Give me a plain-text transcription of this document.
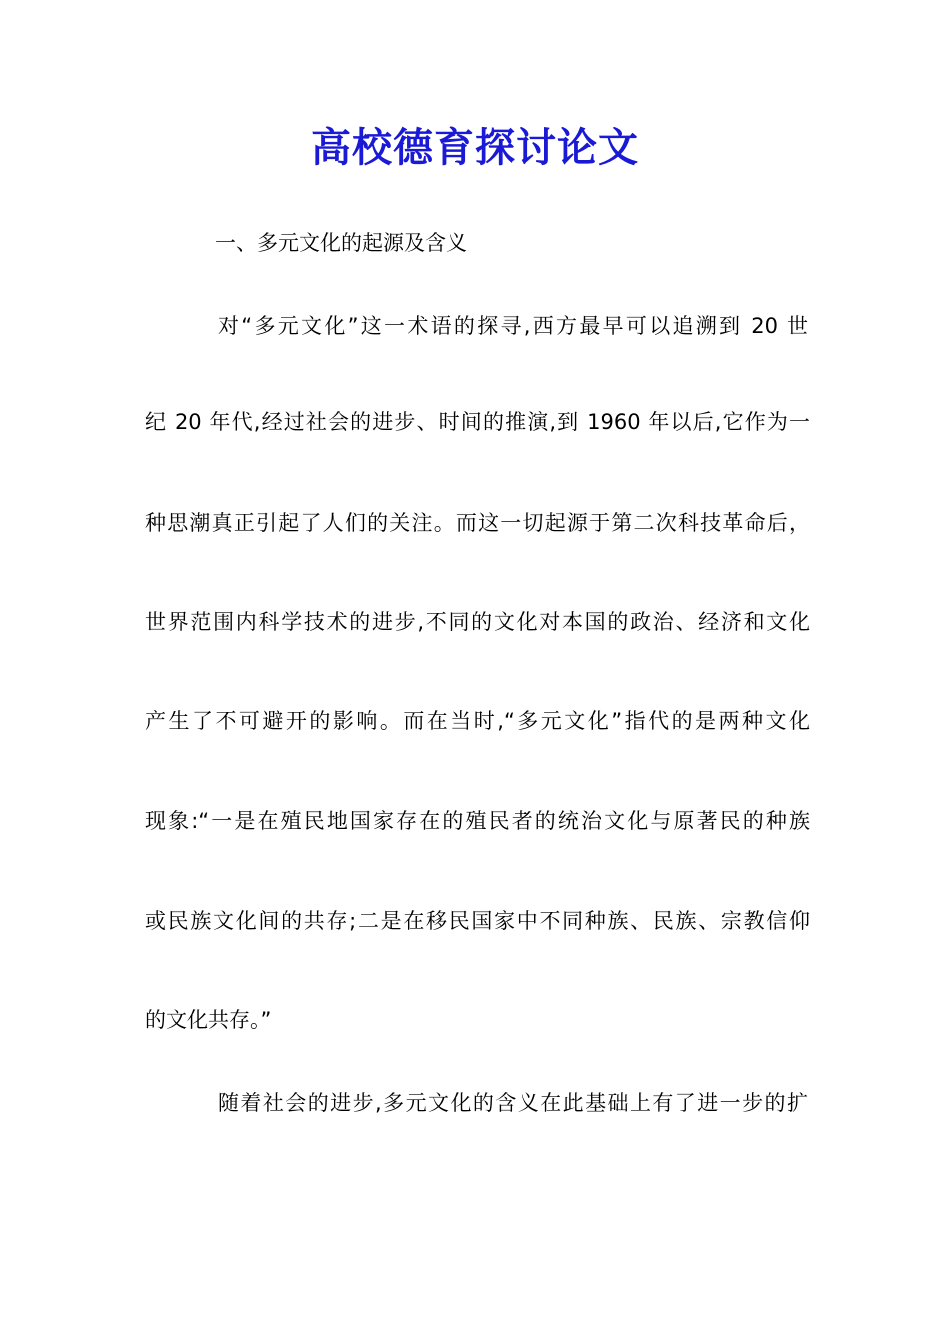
高校德育探讨论文
一、多元文化的起源及含义
对“多元文化”这一术语的探寻,西方最早可以追溯到 20 世
纪 20 年代,经过社会的进步、时间的推演,到 1960 年以后,它作为一
种思潮真正引起了人们的关注。而这一切起源于第二次科技革命后，
世界范围内科学技术的进步,不同的文化对本国的政治、经济和文化
产生了不可避开的影响。而在当时,“多元文化”指代的是两种文化
现象:“一是在殖民地国家存在的殖民者的统治文化与原著民的种族
或民族文化间的共存;二是在移民国家中不同种族、民族、宗教信仰
的文化共存。”
随着社会的进步,多元文化的含义在此基础上有了进一步的扩
